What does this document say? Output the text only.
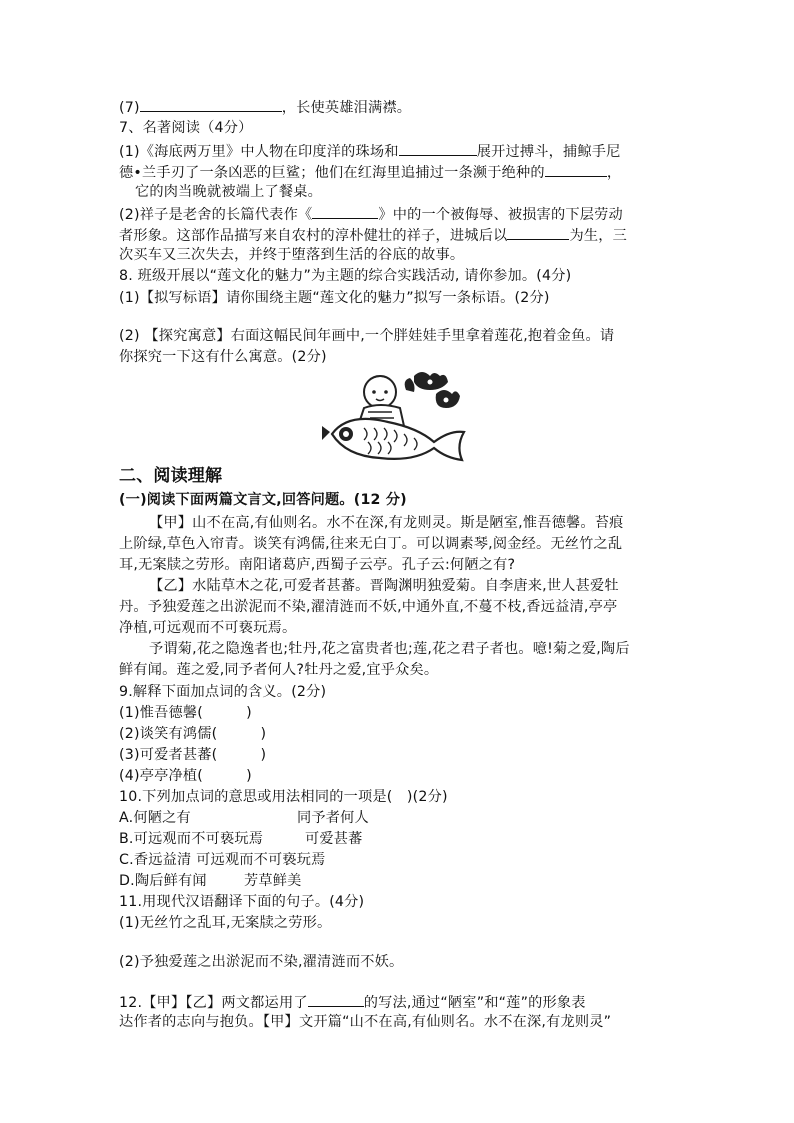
(7)	，长使英雄泪满襟。
7、名著阅读（4分）
(1)《海底两万里》中人物在印度洋的珠场和	展开过搏斗，捕鲸手尼
德•兰手刃了一条凶恶的巨鲨；他们在红海里追捕过一条濒于绝种的	，
它的肉当晚就被端上了餐桌。
(2)祥子是老舍的长篇代表作《	》中的一个被侮辱、被损害的下层劳动
者形象。这部作品描写来自农村的淳朴健壮的祥子，进城后以	为生，三
次买车又三次失去，并终于堕落到生活的谷底的故事。
8. 班级开展以“莲文化的魅力”为主题的综合实践活动, 请你参加。(4分)
(1)【拟写标语】请你围绕主题“莲文化的魅力”拟写一条标语。(2分)
(2) 【探究寓意】右面这幅民间年画中,一个胖娃娃手里拿着莲花,抱着金鱼。请
你探究一下这有什么寓意。(2分)
二、阅读理解
(一)阅读下面两篇文言文,回答问题。(12 分)
【甲】山不在高,有仙则名。水不在深,有龙则灵。斯是陋室,惟吾德馨。苔痕
上阶绿,草色入帘青。谈笑有鸿儒,往来无白丁。可以调素琴,阅金经。无丝竹之乱
耳,无案牍之劳形。南阳诸葛庐,西蜀子云亭。孔子云:何陋之有?
【乙】水陆草木之花,可爱者甚蕃。晋陶渊明独爱菊。自李唐来,世人甚爱牡
丹。予独爱莲之出淤泥而不染,濯清涟而不妖,中通外直,不蔓不枝,香远益清,亭亭
净植,可远观而不可亵玩焉。
予谓菊,花之隐逸者也;牡丹,花之富贵者也;莲,花之君子者也。噫!菊之爱,陶后
鲜有闻。莲之爱,同予者何人?牡丹之爱,宜乎众矣。
9.解释下面加点词的含义。(2分)
(1)惟吾德馨(　　　)
(2)谈笑有鸿儒(　　　)
(3)可爱者甚蕃(　　　)
(4)亭亭净植(　　　)
10.下列加点词的意思或用法相同的一项是(　)(2分)
A.何陋之有	同予者何人
B.可远观而不可亵玩焉	可爱甚蕃
C.香远益清 可远观而不可亵玩焉
D.陶后鲜有闻	芳草鲜美
11.用现代汉语翻译下面的句子。(4分)
(1)无丝竹之乱耳,无案牍之劳形。
(2)予独爱莲之出淤泥而不染,濯清涟而不妖。
12.【甲】【乙】两文都运用了	的写法,通过“陋室”和“莲”的形象表
达作者的志向与抱负。【甲】文开篇“山不在高,有仙则名。水不在深,有龙则灵”
